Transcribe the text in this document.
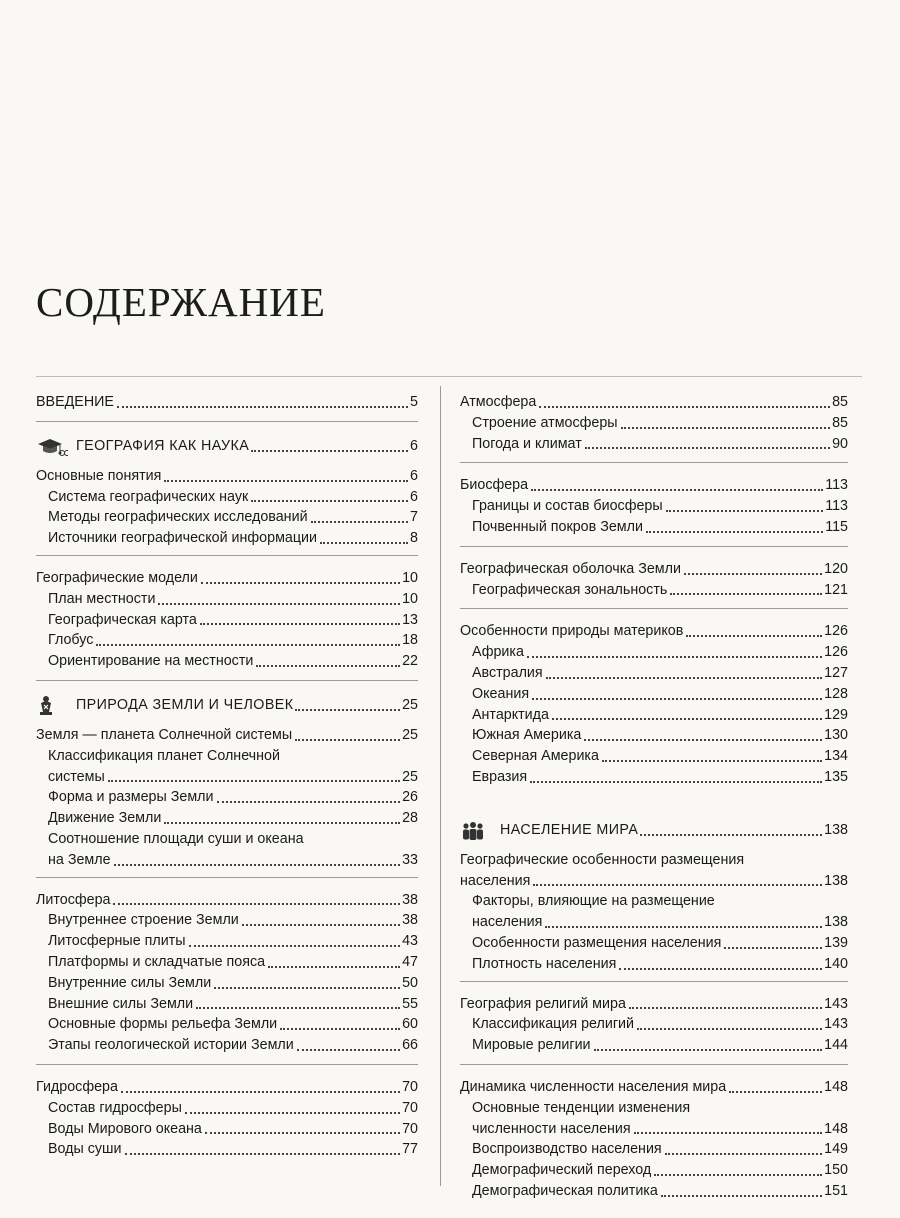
СОДЕРЖАНИЕ
ВВЕДЕНИЕ	5
ГЕОГРАФИЯ КАК НАУКА	6
Основные понятия	6
Система географических наук	6
Методы географических исследований	7
Источники географической информации	8
Географические модели	10
План местности	10
Географическая карта	13
Глобус	18
Ориентирование на местности	22
ПРИРОДА ЗЕМЛИ И ЧЕЛОВЕК	25
Земля — планета Солнечной системы	25
Классификация планет Солнечной
системы	25
Форма и размеры Земли	26
Движение Земли	28
Соотношение площади суши и океана
на Земле	33
Литосфера	38
Внутреннее строение Земли	38
Литосферные плиты	43
Платформы и складчатые пояса	47
Внутренние силы Земли	50
Внешние силы Земли	55
Основные формы рельефа Земли	60
Этапы геологической истории Земли	66
Гидросфера	70
Состав гидросферы	70
Воды Мирового океана	70
Воды суши	77
Атмосфера	85
Строение атмосферы	85
Погода и климат	90
Биосфера	113
Границы и состав биосферы	113
Почвенный покров Земли	115
Географическая оболочка Земли	120
Географическая зональность	121
Особенности природы материков	126
Африка	126
Австралия	127
Океания	128
Антарктида	129
Южная Америка	130
Северная Америка	134
Евразия	135
НАСЕЛЕНИЕ МИРА	138
Географические особенности размещения
населения	138
Факторы, влияющие на размещение
населения	138
Особенности размещения населения	139
Плотность населения	140
География религий мира	143
Классификация религий	143
Мировые религии	144
Динамика численности населения мира	148
Основные тенденции изменения
численности населения	148
Воспроизводство населения	149
Демографический переход	150
Демографическая политика	151
